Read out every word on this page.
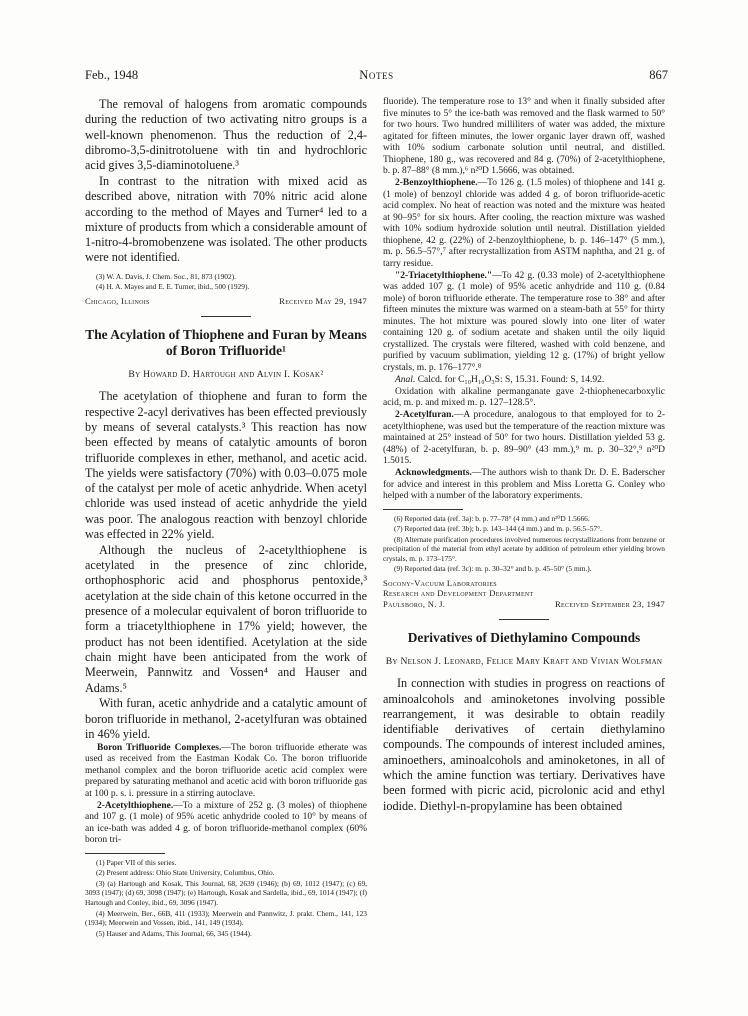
Notes
Feb., 1948	867

The removal of halogens from aromatic compounds during the reduction of two activating nitro groups is a well-known phenomenon. Thus the reduction of 2,4-dibromo-3,5-dinitrotoluene with tin and hydrochloric acid gives 3,5-diaminotoluene.³

In contrast to the nitration with mixed acid as described above, nitration with 70% nitric acid alone according to the method of Mayes and Turner⁴ led to a mixture of products from which a considerable amount of 1-nitro-4-bromobenzene was isolated. The other products were not identified.

(3) W. A. Davis, J. Chem. Soc., 81, 873 (1902).

(4) H. A. Mayes and E. E. Turner, ibid., 500 (1929).

Chicago, Illinois	Received May 29, 1947
The Acylation of Thiophene and Furan by Means of Boron Trifluoride¹
By Howard D. Hartough and Alvin I. Kosak²

The acetylation of thiophene and furan to form the respective 2-acyl derivatives has been effected previously by means of several catalysts.³ This reaction has now been effected by means of catalytic amounts of boron trifluoride complexes in ether, methanol, and acetic acid. The yields were satisfactory (70%) with 0.03–0.075 mole of the catalyst per mole of acetic anhydride. When acetyl chloride was used instead of acetic anhydride the yield was poor. The analogous reaction with benzoyl chloride was effected in 22% yield.

Although the nucleus of 2-acetylthiophene is acetylated in the presence of zinc chloride, orthophosphoric acid and phosphorus pentoxide,³ acetylation at the side chain of this ketone occurred in the presence of a molecular equivalent of boron trifluoride to form a triacetylthiophene in 17% yield; however, the product has not been identified. Acetylation at the side chain might have been anticipated from the work of Meerwein, Pannwitz and Vossen⁴ and Hauser and Adams.⁵

With furan, acetic anhydride and a catalytic amount of boron trifluoride in methanol, 2-acetylfuran was obtained in 46% yield.

Boron Trifluoride Complexes.—The boron trifluoride etherate was used as received from the Eastman Kodak Co. The boron trifluoride methanol complex and the boron trifluoride acetic acid complex were prepared by saturating methanol and acetic acid with boron trifluoride gas at 100 p. s. i. pressure in a stirring autoclave.

2-Acetylthiophene.—To a mixture of 252 g. (3 moles) of thiophene and 107 g. (1 mole) of 95% acetic anhydride cooled to 10° by means of an ice-bath was added 4 g. of boron trifluoride-methanol complex (60% boron tri-

(1) Paper VII of this series.

(2) Present address: Ohio State University, Columbus, Ohio.

(3) (a) Hartough and Kosak, This Journal, 68, 2639 (1946); (b) 69, 1012 (1947); (c) 69, 3093 (1947); (d) 69, 3098 (1947); (e) Hartough, Kosak and Sardella, ibid., 69, 1014 (1947); (f) Hartough and Conley, ibid., 69, 3096 (1947).

(4) Meerwein, Ber., 66B, 411 (1933); Meerwein and Pannwitz, J. prakt. Chem., 141, 123 (1934); Meerwein and Vossen, ibid., 141, 149 (1934).

(5) Hauser and Adams, This Journal, 66, 345 (1944).

fluoride). The temperature rose to 13° and when it finally subsided after five minutes to 5° the ice-bath was removed and the flask warmed to 50° for two hours. Two hundred milliliters of water was added, the mixture agitated for fifteen minutes, the lower organic layer drawn off, washed with 10% sodium carbonate solution until neutral, and distilled. Thiophene, 180 g., was recovered and 84 g. (70%) of 2-acetylthiophene, b. p. 87–88° (8 mm.),⁶ n²⁰D 1.5666, was obtained.

2-Benzoylthiophene.—To 126 g. (1.5 moles) of thiophene and 141 g. (1 mole) of benzoyl chloride was added 4 g. of boron trifluoride-acetic acid complex. No heat of reaction was noted and the mixture was heated at 90–95° for six hours. After cooling, the reaction mixture was washed with 10% sodium hydroxide solution until neutral. Distillation yielded thiophene, 42 g. (22%) of 2-benzoylthiophene, b. p. 146–147° (5 mm.), m. p. 56.5–57°,⁷ after recrystallization from ASTM naphtha, and 21 g. of tarry residue.

"2-Triacetylthiophene."—To 42 g. (0.33 mole) of 2-acetylthiophene was added 107 g. (1 mole) of 95% acetic anhydride and 110 g. (0.84 mole) of boron trifluoride etherate. The temperature rose to 38° and after fifteen minutes the mixture was warmed on a steam-bath at 55° for thirty minutes. The hot mixture was poured slowly into one liter of water containing 120 g. of sodium acetate and shaken until the oily liquid crystallized. The crystals were filtered, washed with cold benzene, and purified by vacuum sublimation, yielding 12 g. (17%) of bright yellow crystals, m. p. 176–177°.⁸

Anal. Calcd. for C₁₀H₁₀O₃S: S, 15.31. Found: S, 14.92.

Oxidation with alkaline permanganate gave 2-thiophenecarboxylic acid, m. p. and mixed m. p. 127–128.5°.

2-Acetylfuran.—A procedure, analogous to that employed for to 2-acetylthiophene, was used but the temperature of the reaction mixture was maintained at 25° instead of 50° for two hours. Distillation yielded 53 g. (48%) of 2-acetylfuran, b. p. 89–90° (43 mm.),⁹ m. p. 30–32°,⁹ n²⁰D 1.5015.

Acknowledgments.—The authors wish to thank Dr. D. E. Baderscher for advice and interest in this problem and Miss Loretta G. Conley who helped with a number of the laboratory experiments.

(6) Reported data (ref. 3a): b. p. 77–78° (4 mm.) and n²⁰D 1.5666.

(7) Reported data (ref. 3b); b. p. 143–144 (4 mm.) and m. p. 56.5–57°.

(8) Alternate purification procedures involved numerous recrystallizations from benzene or precipitation of the material from ethyl acetate by addition of petroleum ether yielding brown crystals, m. p. 173–175°.

(9) Reported data (ref. 3c): m. p. 30–32° and b. p. 45–50° (5 mm.).

Socony-Vacuum Laboratories
Research and Development Department
Paulsboro, N. J.	Received September 23, 1947
Derivatives of Diethylamino Compounds
By Nelson J. Leonard, Felice Mary Kraft and Vivian Wolfman

In connection with studies in progress on reactions of aminoalcohols and aminoketones involving possible rearrangement, it was desirable to obtain readily identifiable derivatives of certain diethylamino compounds. The compounds of interest included amines, aminoethers, aminoalcohols and aminoketones, in all of which the amine function was tertiary. Derivatives have been formed with picric acid, picrolonic acid and ethyl iodide. Diethyl-n-propylamine has been obtained
